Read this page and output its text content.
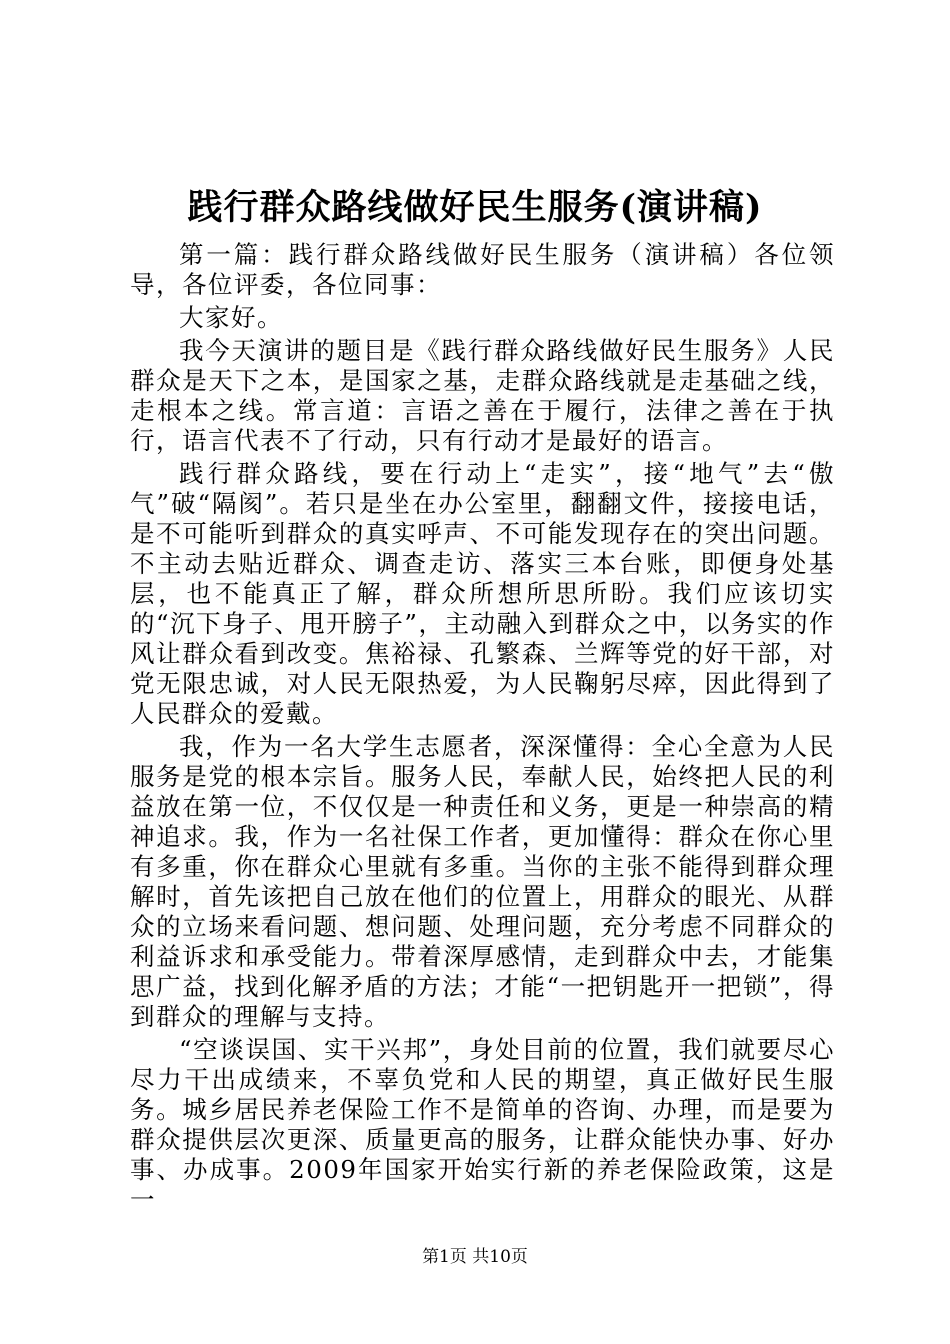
践行群众路线做好民生服务(演讲稿)

第一篇：践行群众路线做好民生服务（演讲稿）各位领导，各位评委，各位同事：

大家好。

我今天演讲的题目是《践行群众路线做好民生服务》人民群众是天下之本，是国家之基，走群众路线就是走基础之线，走根本之线。常言道：言语之善在于履行，法律之善在于执行，语言代表不了行动，只有行动才是最好的语言。

践行群众路线，要在行动上“走实”，接“地气”去“傲气”破“隔阂”。若只是坐在办公室里，翻翻文件，接接电话，是不可能听到群众的真实呼声、不可能发现存在的突出问题。不主动去贴近群众、调查走访、落实三本台账，即便身处基层，也不能真正了解，群众所想所思所盼。我们应该切实的“沉下身子、甩开膀子”，主动融入到群众之中，以务实的作风让群众看到改变。焦裕禄、孔繁森、兰辉等党的好干部，对党无限忠诚，对人民无限热爱，为人民鞠躬尽瘁，因此得到了人民群众的爱戴。

我，作为一名大学生志愿者，深深懂得：全心全意为人民服务是党的根本宗旨。服务人民，奉献人民，始终把人民的利益放在第一位，不仅仅是一种责任和义务，更是一种崇高的精神追求。我，作为一名社保工作者，更加懂得：群众在你心里有多重，你在群众心里就有多重。当你的主张不能得到群众理解时，首先该把自己放在他们的位置上，用群众的眼光、从群众的立场来看问题、想问题、处理问题，充分考虑不同群众的利益诉求和承受能力。带着深厚感情，走到群众中去，才能集思广益，找到化解矛盾的方法；才能“一把钥匙开一把锁”，得到群众的理解与支持。

“空谈误国、实干兴邦”，身处目前的位置，我们就要尽心尽力干出成绩来，不辜负党和人民的期望，真正做好民生服务。城乡居民养老保险工作不是简单的咨询、办理，而是要为群众提供层次更深、质量更高的服务，让群众能快办事、好办事、办成事。2009年国家开始实行新的养老保险政策，这是一

第1页 共10页
